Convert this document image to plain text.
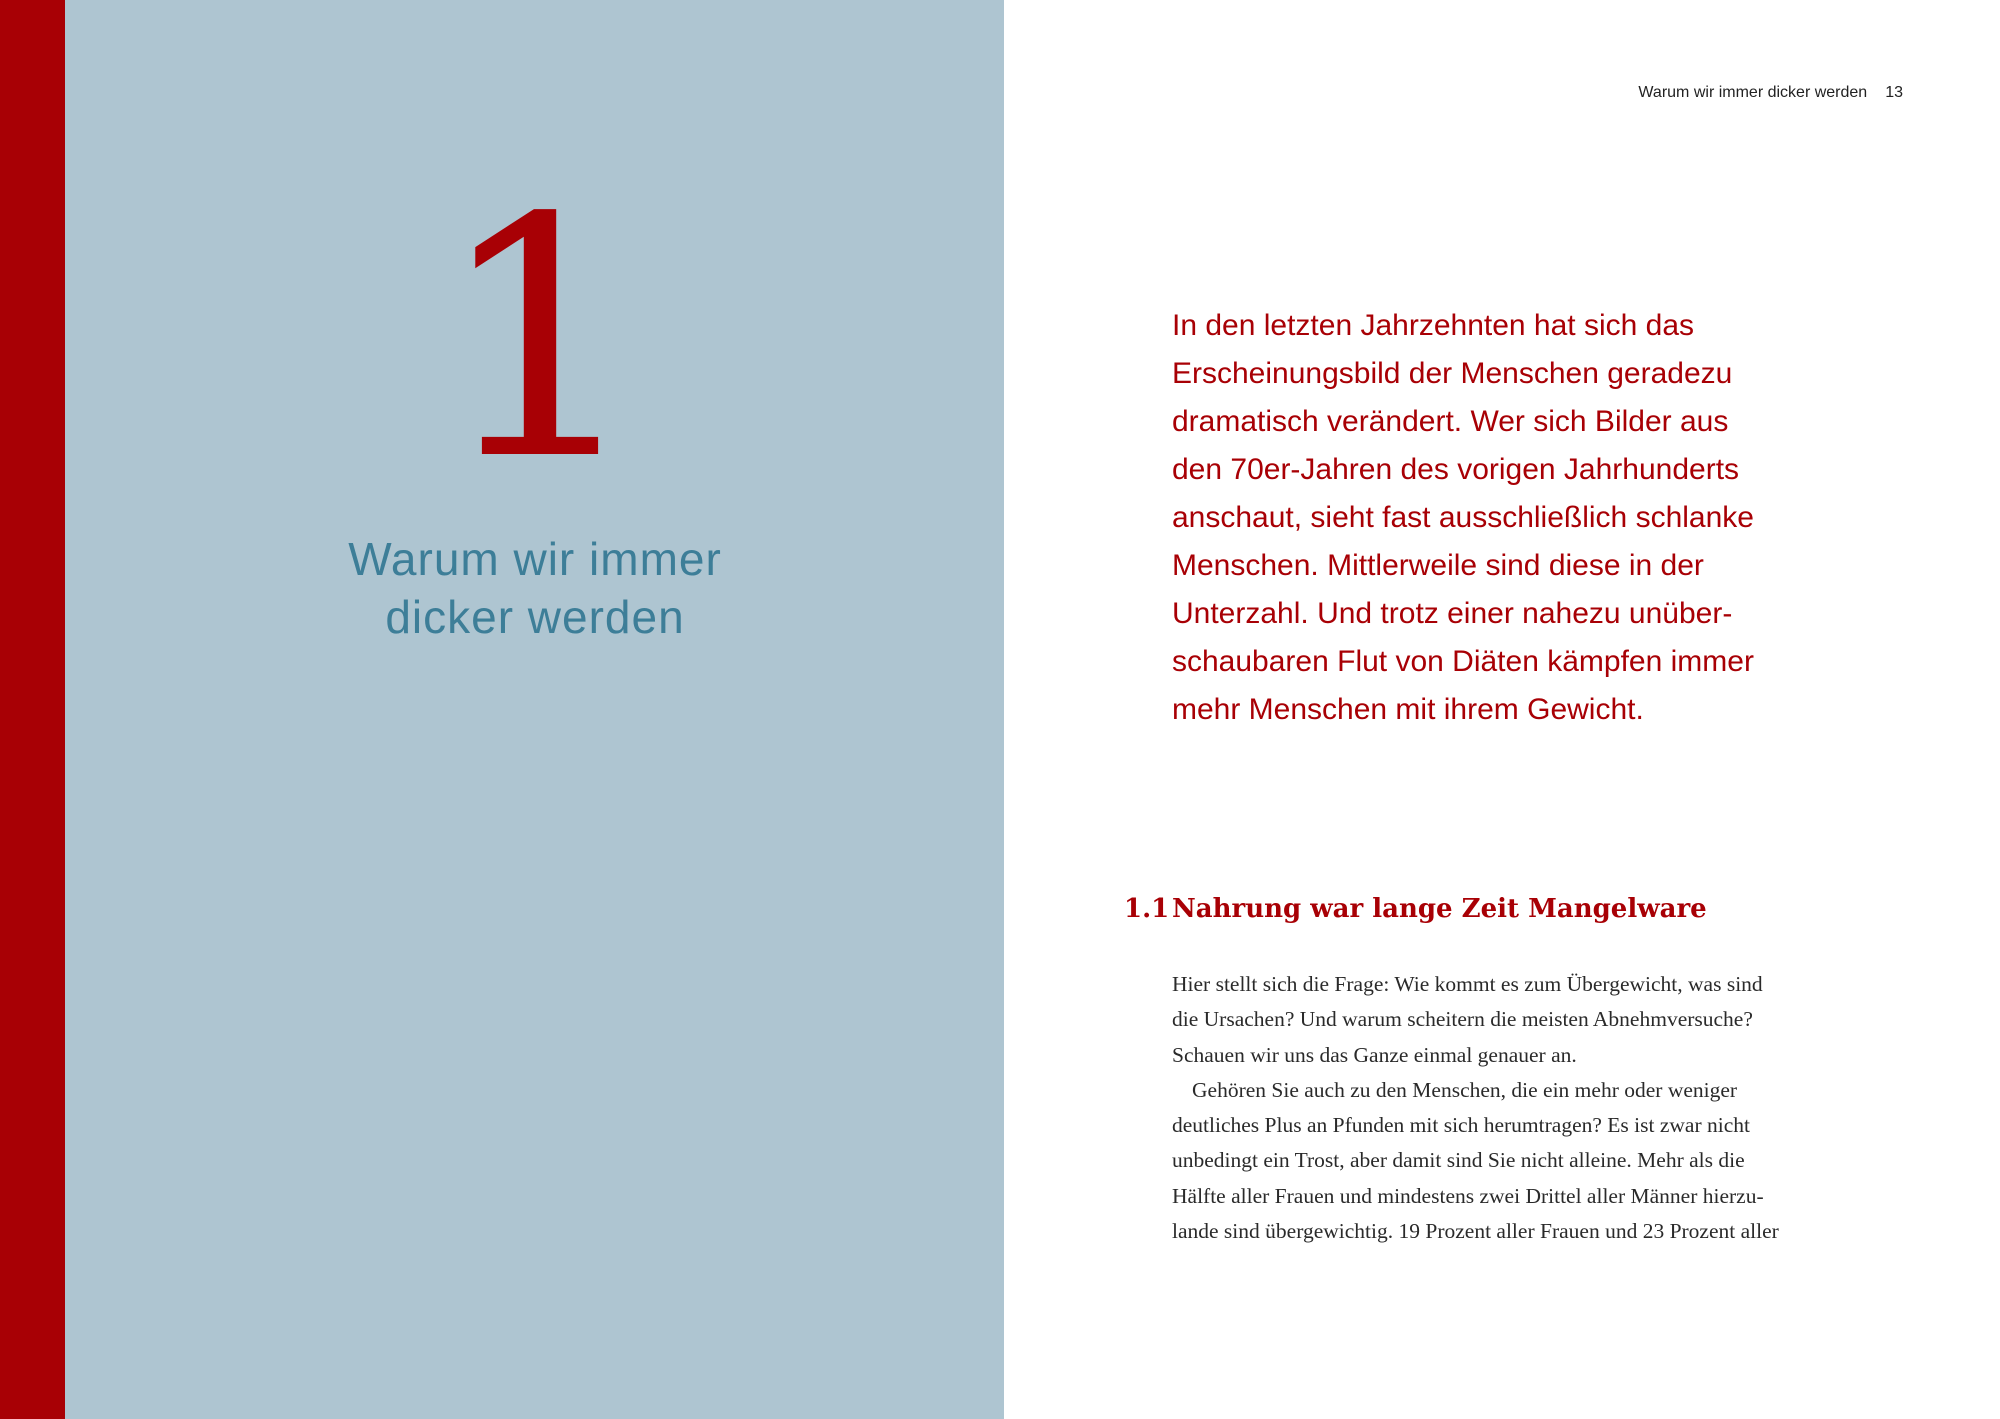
1
Warum wir immer
dicker werden
Warum wir immer dicker werden 13
In den letzten Jahrzehnten hat sich das
Erscheinungsbild der Menschen geradezu
dramatisch verändert. Wer sich Bilder aus
den 70er-Jahren des vorigen Jahrhunderts
anschaut, sieht fast ausschließlich schlanke
Menschen. Mittlerweile sind diese in der
Unterzahl. Und trotz einer nahezu unüber-
schaubaren Flut von Diäten kämpfen immer
mehr Menschen mit ihrem Gewicht.
1.1 Nahrung war lange Zeit Mangelware
Hier stellt sich die Frage: Wie kommt es zum Übergewicht, was sind
die Ursachen? Und warum scheitern die meisten Abnehmversuche?
Schauen wir uns das Ganze einmal genauer an.
Gehören Sie auch zu den Menschen, die ein mehr oder weniger
deutliches Plus an Pfunden mit sich herumtragen? Es ist zwar nicht
unbedingt ein Trost, aber damit sind Sie nicht alleine. Mehr als die
Hälfte aller Frauen und mindestens zwei Drittel aller Männer hierzu-
lande sind übergewichtig. 19 Prozent aller Frauen und 23 Prozent aller
